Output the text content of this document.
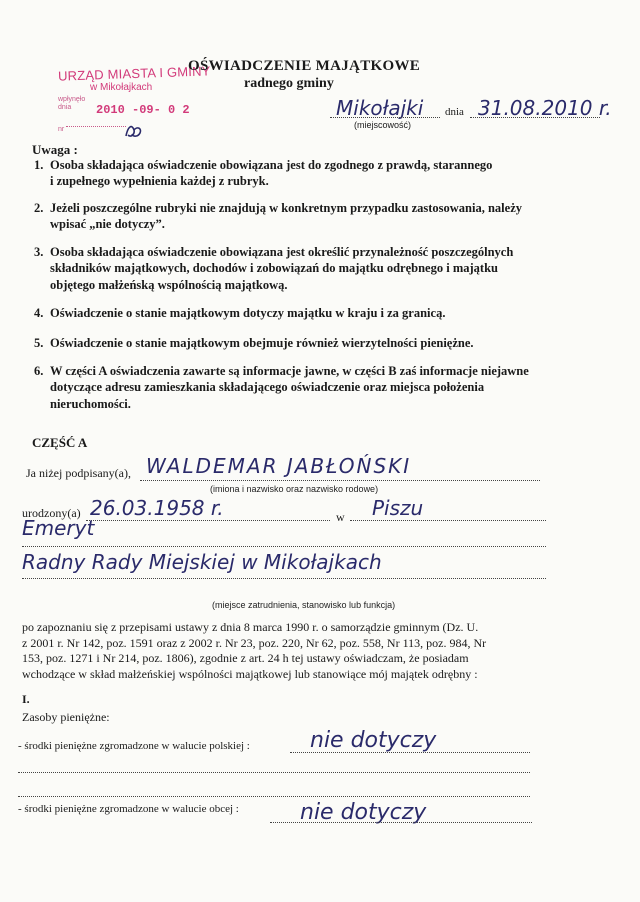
URZĄD MIASTA I GMINY
w Mikołajkach
wpłynęło dnia	2010 -09- 0 2
nr
OŚWIADCZENIE MAJĄTKOWE
radnego gminy
Mikołajki dnia 31.08.2010 r.
(miejscowość)
Uwaga :
1. Osoba składająca oświadczenie obowiązana jest do zgodnego z prawdą, starannego
i zupełnego wypełnienia każdej z rubryk.
2. Jeżeli poszczególne rubryki nie znajdują w konkretnym przypadku zastosowania, należy
wpisać „nie dotyczy”.
3. Osoba składająca oświadczenie obowiązana jest określić przynależność poszczególnych
składników majątkowych, dochodów i zobowiązań do majątku odrębnego i majątku
objętego małżeńską wspólnością majątkową.
4. Oświadczenie o stanie majątkowym dotyczy majątku w kraju i za granicą.
5. Oświadczenie o stanie majątkowym obejmuje również wierzytelności pieniężne.
6. W części A oświadczenia zawarte są informacje jawne, w części B zaś informacje niejawne
dotyczące adresu zamieszkania składającego oświadczenie oraz miejsca położenia
nieruchomości.
CZĘŚĆ A
Ja niżej podpisany(a), WALDEMAR JABŁOŃSKI
(imiona i nazwisko oraz nazwisko rodowe)
urodzony(a) 26.03.1958 r.	w Piszu
Emeryt
Radny Rady Miejskiej w Mikołajkach
(miejsce zatrudnienia, stanowisko lub funkcja)
po zapoznaniu się z przepisami ustawy z dnia 8 marca 1990 r. o samorządzie gminnym (Dz. U.
z 2001 r. Nr 142, poz. 1591 oraz z 2002 r. Nr 23, poz. 220, Nr 62, poz. 558, Nr 113, poz. 984, Nr
153, poz. 1271 i Nr 214, poz. 1806), zgodnie z art. 24 h tej ustawy oświadczam, że posiadam
wchodzące w skład małżeńskiej wspólności majątkowej lub stanowiące mój majątek odrębny :
I.
Zasoby pieniężne:
- środki pieniężne zgromadzone w walucie polskiej :	nie dotyczy
- środki pieniężne zgromadzone w walucie obcej :	nie dotyczy
